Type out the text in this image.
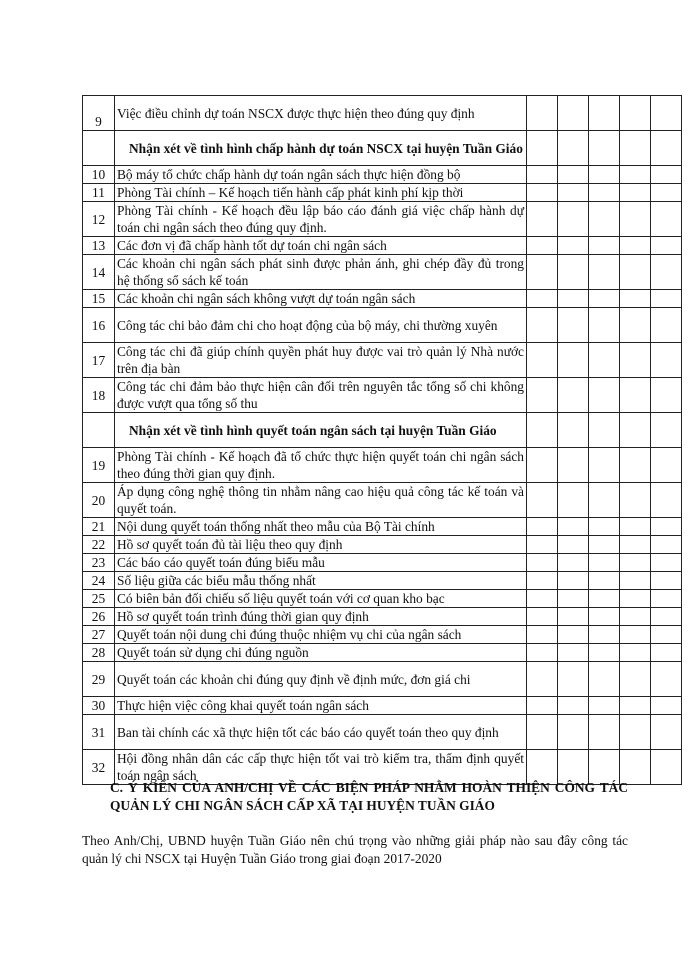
9	Việc điều chỉnh dự toán NSCX được thực hiện theo đúng quy định					
	Nhận xét về tình hình chấp hành dự toán NSCX tại huyện Tuần Giáo					
10	Bộ máy tổ chức chấp hành dự toán ngân sách thực hiện đồng bộ					
11	Phòng Tài chính – Kế hoạch tiến hành cấp phát kinh phí kịp thời					
12	Phòng Tài chính - Kế hoạch đều lập báo cáo đánh giá việc chấp hành dự toán chi ngân sách theo đúng quy định.					
13	Các đơn vị đã chấp hành tốt dự toán chi ngân sách					
14	Các khoản chi ngân sách phát sinh được phản ánh, ghi chép đầy đủ trong hệ thống sổ sách kế toán					
15	Các khoản chi ngân sách không vượt dự toán ngân sách					
16	Công tác chi bảo đảm chi cho hoạt động của bộ máy, chi thường xuyên					
17	Công tác chi đã giúp chính quyền phát huy được vai trò quản lý Nhà nước trên địa bàn					
18	Công tác chi đảm bảo thực hiện cân đối trên nguyên tắc tổng số chi không được vượt qua tổng số thu					
	Nhận xét về tình hình quyết toán ngân sách tại huyện Tuần Giáo					
19	Phòng Tài chính - Kế hoạch đã tổ chức thực hiện quyết toán chi ngân sách theo đúng thời gian quy định.					
20	Áp dụng công nghệ thông tin nhằm nâng cao hiệu quả công tác kế toán và quyết toán.					
21	Nội dung quyết toán thống nhất theo mẫu của Bộ Tài chính					
22	Hồ sơ quyết toán đủ tài liệu theo quy định					
23	Các báo cáo quyết toán đúng biểu mẫu					
24	Số liệu giữa các biểu mẫu thống nhất					
25	Có biên bản đối chiếu số liệu quyết toán với cơ quan kho bạc					
26	Hồ sơ quyết toán trình đúng thời gian quy định					
27	Quyết toán nội dung chi đúng thuộc nhiệm vụ chi của ngân sách					
28	Quyết toán sử dụng chi đúng nguồn					
29	Quyết toán các khoản chi đúng quy định về định mức, đơn giá chi					
30	Thực hiện việc công khai quyết toán ngân sách					
31	Ban tài chính các xã thực hiện tốt các báo cáo quyết toán theo quy định					
32	Hội đồng nhân dân các cấp thực hiện tốt vai trò kiểm tra, thẩm định quyết toán ngân sách					
C. Ý KIẾN CỦA ANH/CHỊ VỀ CÁC BIỆN PHÁP NHẰM HOÀN THIỆN CÔNG TÁC QUẢN LÝ CHI NGÂN SÁCH CẤP XÃ TẠI HUYỆN TUẦN GIÁO
Theo Anh/Chị, UBND huyện Tuần Giáo nên chú trọng vào những giải pháp nào sau đây công tác quản lý chi NSCX tại Huyện Tuần Giáo trong giai đoạn 2017-2020
